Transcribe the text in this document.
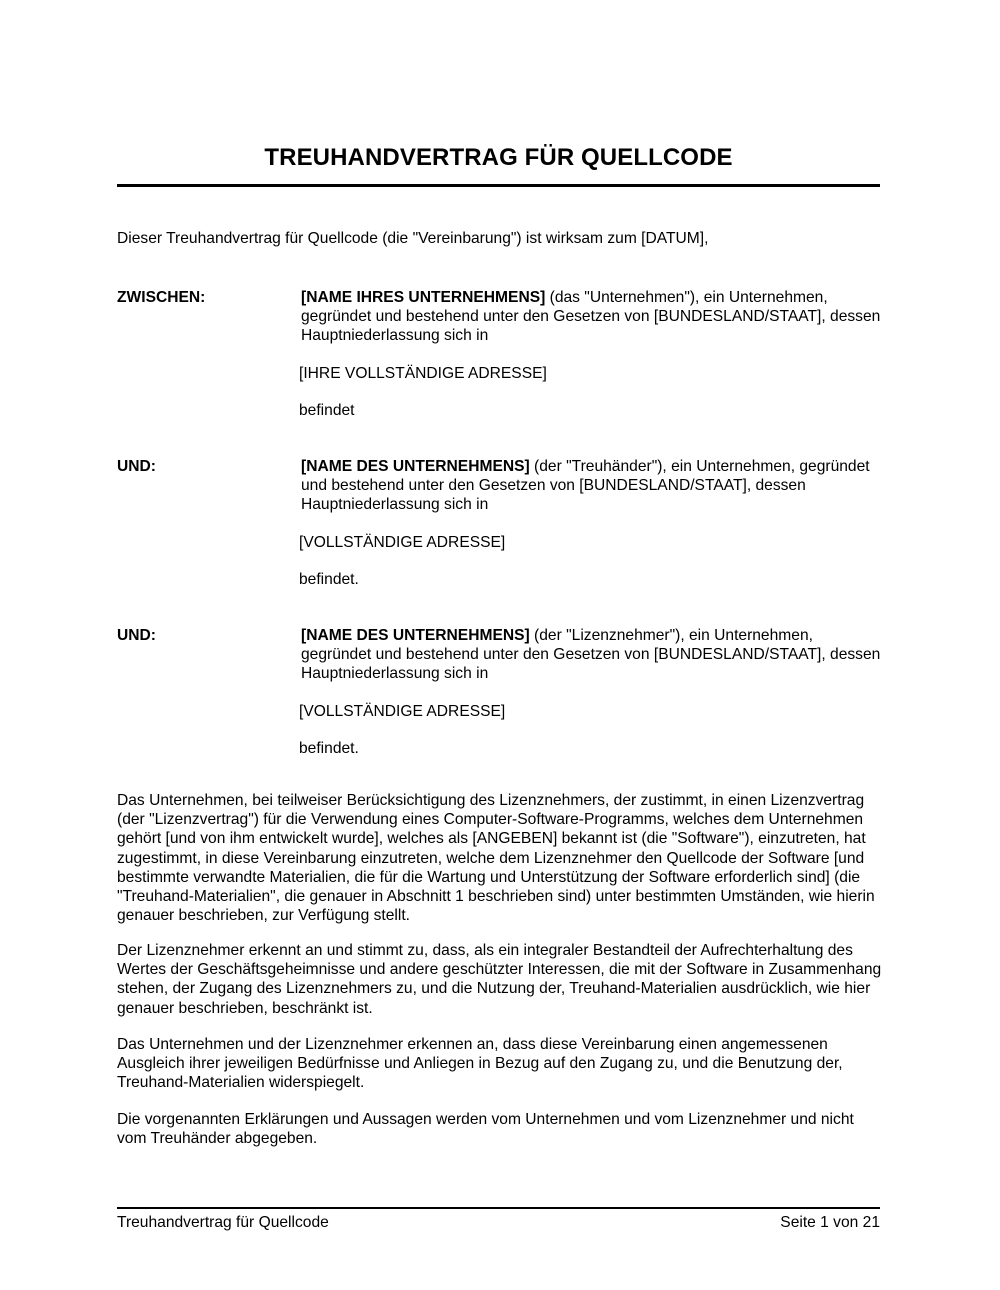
TREUHANDVERTRAG FÜR QUELLCODE
Dieser Treuhandvertrag für Quellcode (die "Vereinbarung") ist wirksam zum [DATUM],
ZWISCHEN:	[NAME IHRES UNTERNEHMENS] (das "Unternehmen"), ein Unternehmen, gegründet und bestehend unter den Gesetzen von [BUNDESLAND/STAAT], dessen Hauptniederlassung sich in

[IHRE VOLLSTÄNDIGE ADRESSE]

befindet

UND:	[NAME DES UNTERNEHMENS] (der "Treuhänder"), ein Unternehmen, gegründet und bestehend unter den Gesetzen von [BUNDESLAND/STAAT], dessen Hauptniederlassung sich in

[VOLLSTÄNDIGE ADRESSE]

befindet.

UND:	[NAME DES UNTERNEHMENS] (der "Lizenznehmer"), ein Unternehmen, gegründet und bestehend unter den Gesetzen von [BUNDESLAND/STAAT], dessen Hauptniederlassung sich in

[VOLLSTÄNDIGE ADRESSE]

befindet.

Das Unternehmen, bei teilweiser Berücksichtigung des Lizenznehmers, der zustimmt, in einen Lizenzvertrag (der "Lizenzvertrag") für die Verwendung eines Computer-Software-Programms, welches dem Unternehmen gehört [und von ihm entwickelt wurde], welches als [ANGEBEN] bekannt ist (die "Software"), einzutreten, hat zugestimmt, in diese Vereinbarung einzutreten, welche dem Lizenznehmer den Quellcode der Software [und bestimmte verwandte Materialien, die für die Wartung und Unterstützung der Software erforderlich sind] (die "Treuhand-Materialien", die genauer in Abschnitt 1 beschrieben sind) unter bestimmten Umständen, wie hierin genauer beschrieben, zur Verfügung stellt.

Der Lizenznehmer erkennt an und stimmt zu, dass, als ein integraler Bestandteil der Aufrechterhaltung des Wertes der Geschäftsgeheimnisse und andere geschützter Interessen, die mit der Software in Zusammenhang stehen, der Zugang des Lizenznehmers zu, und die Nutzung der, Treuhand-Materialien ausdrücklich, wie hier genauer beschrieben, beschränkt ist.

Das Unternehmen und der Lizenznehmer erkennen an, dass diese Vereinbarung einen angemessenen Ausgleich ihrer jeweiligen Bedürfnisse und Anliegen in Bezug auf den Zugang zu, und die Benutzung der, Treuhand-Materialien widerspiegelt.

Die vorgenannten Erklärungen und Aussagen werden vom Unternehmen und vom Lizenznehmer und nicht vom Treuhänder abgegeben.

Treuhandvertrag für Quellcode	Seite 1 von 21
